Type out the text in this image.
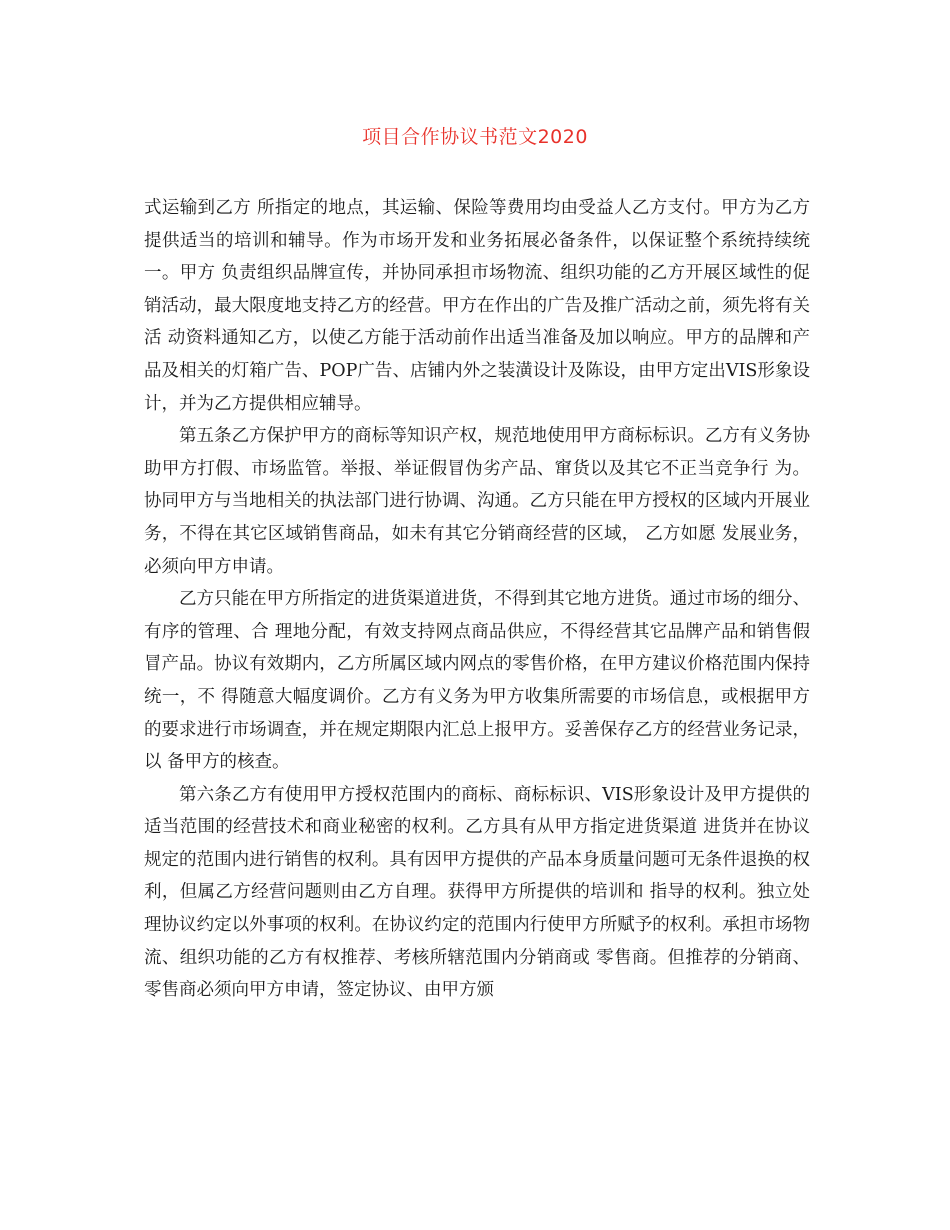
项目合作协议书范文2020

式运输到乙方 所指定的地点，其运输、保险等费用均由受益人乙方支付。甲方为乙方提供适当的培训和辅导。作为市场开发和业务拓展必备条件，以保证整个系统持续统一。甲方 负责组织品牌宣传，并协同承担市场物流、组织功能的乙方开展区域性的促销活动，最大限度地支持乙方的经营。甲方在作出的广告及推广活动之前，须先将有关活 动资料通知乙方，以使乙方能于活动前作出适当准备及加以响应。甲方的品牌和产品及相关的灯箱广告、POP广告、店铺内外之装潢设计及陈设，由甲方定出VIS形象设计，并为乙方提供相应辅导。

第五条乙方保护甲方的商标等知识产权，规范地使用甲方商标标识。乙方有义务协助甲方打假、市场监管。举报、举证假冒伪劣产品、窜货以及其它不正当竞争行 为。协同甲方与当地相关的执法部门进行协调、沟通。乙方只能在甲方授权的区域内开展业务，不得在其它区域销售商品，如未有其它分销商经营的区域， 乙方如愿 发展业务，必须向甲方申请。

乙方只能在甲方所指定的进货渠道进货，不得到其它地方进货。通过市场的细分、有序的管理、合 理地分配，有效支持网点商品供应，不得经营其它品牌产品和销售假冒产品。协议有效期内，乙方所属区域内网点的零售价格，在甲方建议价格范围内保持统一，不 得随意大幅度调价。乙方有义务为甲方收集所需要的市场信息，或根据甲方的要求进行市场调查，并在规定期限内汇总上报甲方。妥善保存乙方的经营业务记录，以 备甲方的核查。

第六条乙方有使用甲方授权范围内的商标、商标标识、VIS形象设计及甲方提供的适当范围的经营技术和商业秘密的权利。乙方具有从甲方指定进货渠道 进货并在协议规定的范围内进行销售的权利。具有因甲方提供的产品本身质量问题可无条件退换的权利，但属乙方经营问题则由乙方自理。获得甲方所提供的培训和 指导的权利。独立处理协议约定以外事项的权利。在协议约定的范围内行使甲方所赋予的权利。承担市场物流、组织功能的乙方有权推荐、考核所辖范围内分销商或 零售商。但推荐的分销商、零售商必须向甲方申请，签定协议、由甲方颁
